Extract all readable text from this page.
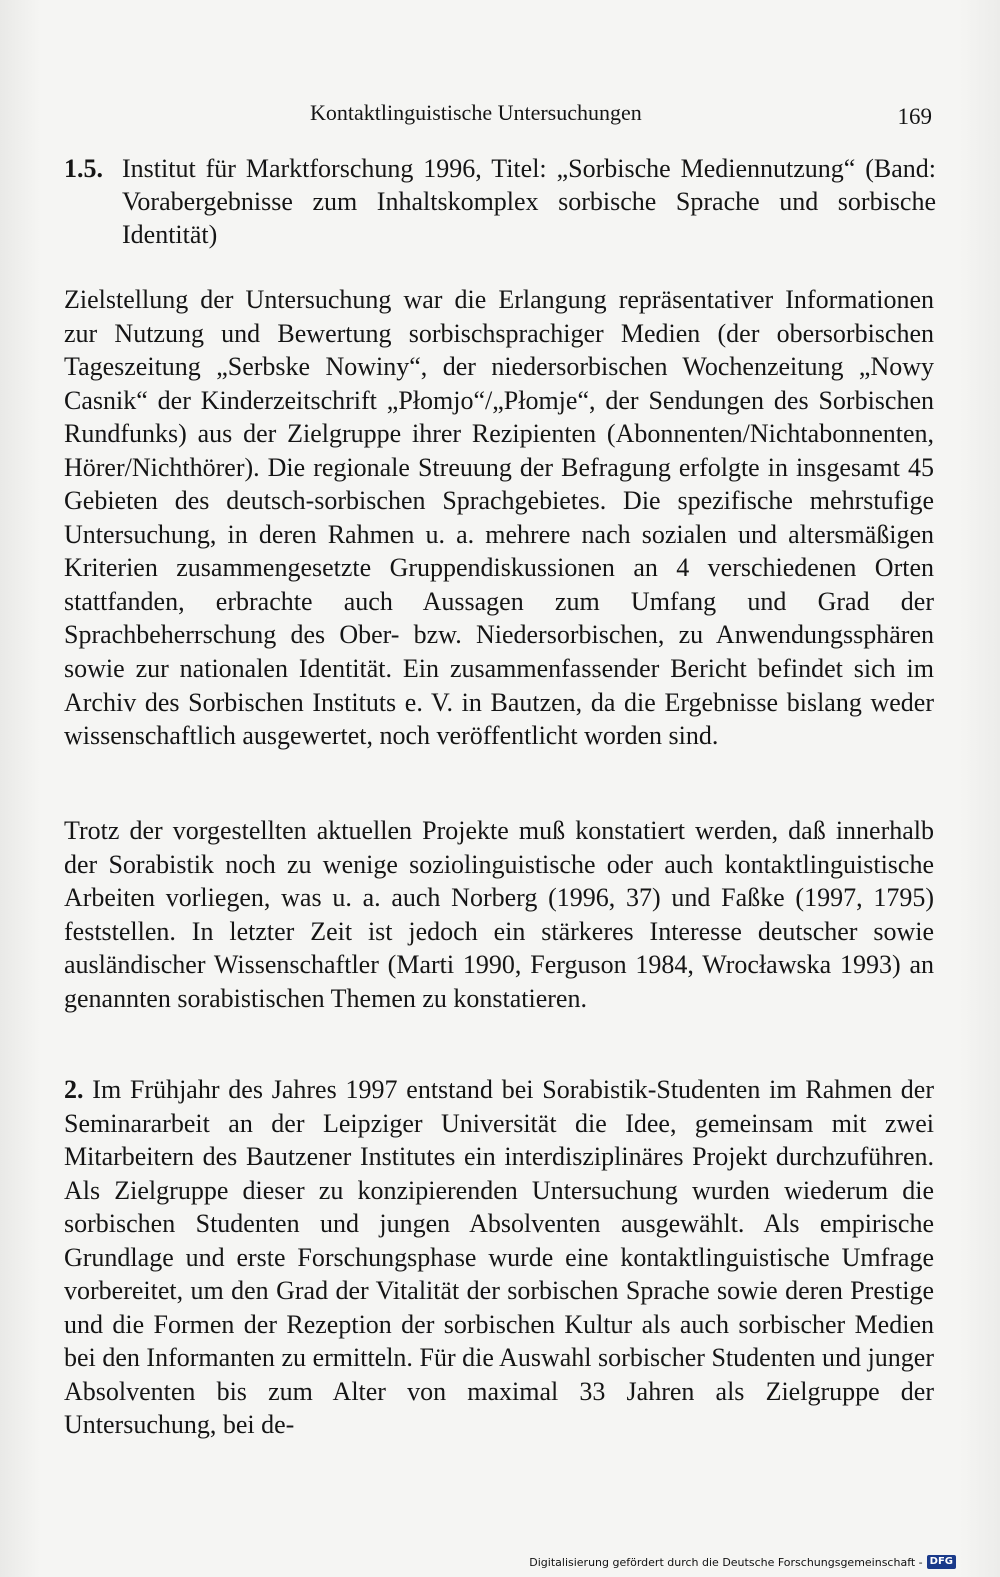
Kontaktlinguistische Untersuchungen	169
1.5. Institut für Marktforschung 1996, Titel: „Sorbische Mediennutzung“ (Band: Vorabergebnisse zum Inhaltskomplex sorbische Sprache und sorbische Identität)

Zielstellung der Untersuchung war die Erlangung repräsentativer Informationen zur Nutzung und Bewertung sorbischsprachiger Medien (der obersorbischen Tageszeitung „Serbske Nowiny“, der niedersorbischen Wochenzeitung „Nowy Casnik“ der Kinderzeitschrift „Płomjo“/„Płomje“, der Sendungen des Sorbischen Rundfunks) aus der Zielgruppe ihrer Rezipienten (Abonnenten/Nichtabonnenten, Hörer/Nichthörer). Die regionale Streuung der Befragung erfolgte in insgesamt 45 Gebieten des deutsch-sorbischen Sprachgebietes. Die spezifische mehrstufige Untersuchung, in deren Rahmen u. a. mehrere nach sozialen und altersmäßigen Kriterien zusammengesetzte Gruppendiskussionen an 4 verschiedenen Orten stattfanden, erbrachte auch Aussagen zum Umfang und Grad der Sprachbeherrschung des Ober- bzw. Niedersorbischen, zu Anwendungssphären sowie zur nationalen Identität. Ein zusammenfassender Bericht befindet sich im Archiv des Sorbischen Instituts e. V. in Bautzen, da die Ergebnisse bislang weder wissenschaftlich ausgewertet, noch veröffentlicht worden sind.

Trotz der vorgestellten aktuellen Projekte muß konstatiert werden, daß innerhalb der Sorabistik noch zu wenige soziolinguistische oder auch kontaktlinguistische Arbeiten vorliegen, was u. a. auch Norberg (1996, 37) und Faßke (1997, 1795) feststellen. In letzter Zeit ist jedoch ein stärkeres Interesse deutscher sowie ausländischer Wissenschaftler (Marti 1990, Ferguson 1984, Wrocławska 1993) an genannten sorabistischen Themen zu konstatieren.

2. Im Frühjahr des Jahres 1997 entstand bei Sorabistik-Studenten im Rahmen der Seminararbeit an der Leipziger Universität die Idee, gemeinsam mit zwei Mitarbeitern des Bautzener Institutes ein interdisziplinäres Projekt durchzuführen. Als Zielgruppe dieser zu konzipierenden Untersuchung wurden wiederum die sorbischen Studenten und jungen Absolventen ausgewählt. Als empirische Grundlage und erste Forschungsphase wurde eine kontaktlinguistische Umfrage vorbereitet, um den Grad der Vitalität der sorbischen Sprache sowie deren Prestige und die Formen der Rezeption der sorbischen Kultur als auch sorbischer Medien bei den Informanten zu ermitteln. Für die Auswahl sorbischer Studenten und junger Absolventen bis zum Alter von maximal 33 Jahren als Zielgruppe der Untersuchung, bei de-

Digitalisierung gefördert durch die Deutsche Forschungsgemeinschaft - DFG
